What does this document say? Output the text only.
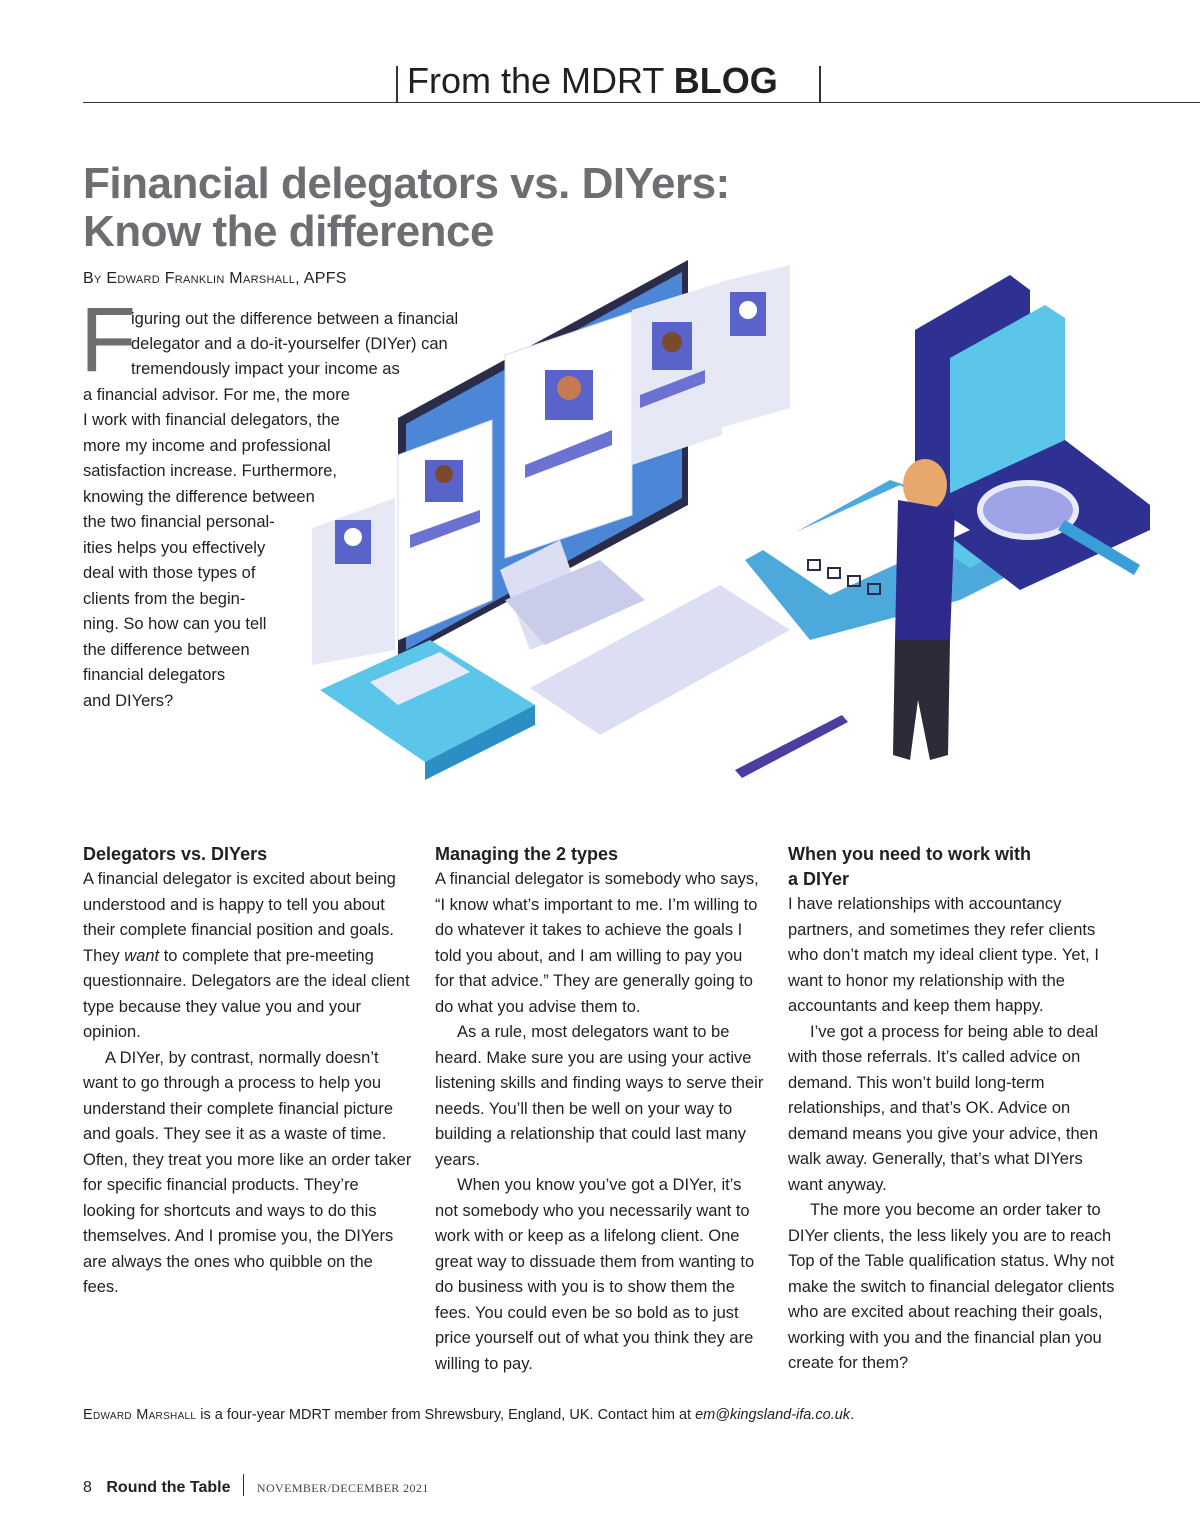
From the MDRT BLOG
Financial delegators vs. DIYers:
Know the difference
By Edward Franklin Marshall, APFS
F
iguring out the difference between a financial
delegator and a do-it-yourselfer (DIYer) can
tremendously impact your income as
a financial advisor. For me, the more
I work with financial delegators, the
more my income and professional
satisfaction increase. Furthermore,
knowing the difference between
the two financial personal-
ities helps you effectively
deal with those types of
clients from the begin-
ning. So how can you tell
the difference between
financial delegators
and DIYers?
Delegators vs. DIYers

A financial delegator is excited about being understood and is happy to tell you about their complete financial position and goals. They want to complete that pre-meeting questionnaire. Delegators are the ideal client type because they value you and your opinion.

A DIYer, by contrast, normally doesn’t want to go through a process to help you understand their complete financial picture and goals. They see it as a waste of time. Often, they treat you more like an order taker for specific financial products. They’re looking for shortcuts and ways to do this themselves. And I promise you, the DIYers are always the ones who quibble on the fees.

Managing the 2 types

A financial delegator is somebody who says, “I know what’s important to me. I’m willing to do whatever it takes to achieve the goals I told you about, and I am willing to pay you for that advice.” They are generally going to do what you advise them to.

As a rule, most delegators want to be heard. Make sure you are using your active listening skills and finding ways to serve their needs. You’ll then be well on your way to building a relationship that could last many years.

When you know you’ve got a DIYer, it’s not somebody who you necessarily want to work with or keep as a lifelong client. One great way to dissuade them from wanting to do business with you is to show them the fees. You could even be so bold as to just price yourself out of what you think they are willing to pay.

When you need to work with a DIYer

I have relationships with accountancy partners, and sometimes they refer clients who don’t match my ideal client type. Yet, I want to honor my relationship with the accountants and keep them happy.

I’ve got a process for being able to deal with those referrals. It’s called advice on demand. This won’t build long-term relationships, and that’s OK. Advice on demand means you give your advice, then walk away. Generally, that’s what DIYers want anyway.

The more you become an order taker to DIYer clients, the less likely you are to reach Top of the Table qualification status. Why not make the switch to financial delegator clients who are excited about reaching their goals, working with you and the financial plan you create for them?

Edward Marshall is a four-year MDRT member from Shrewsbury, England, UK. Contact him at em@kingsland-ifa.co.uk.
8 Round the Table NOVEMBER/DECEMBER 2021
